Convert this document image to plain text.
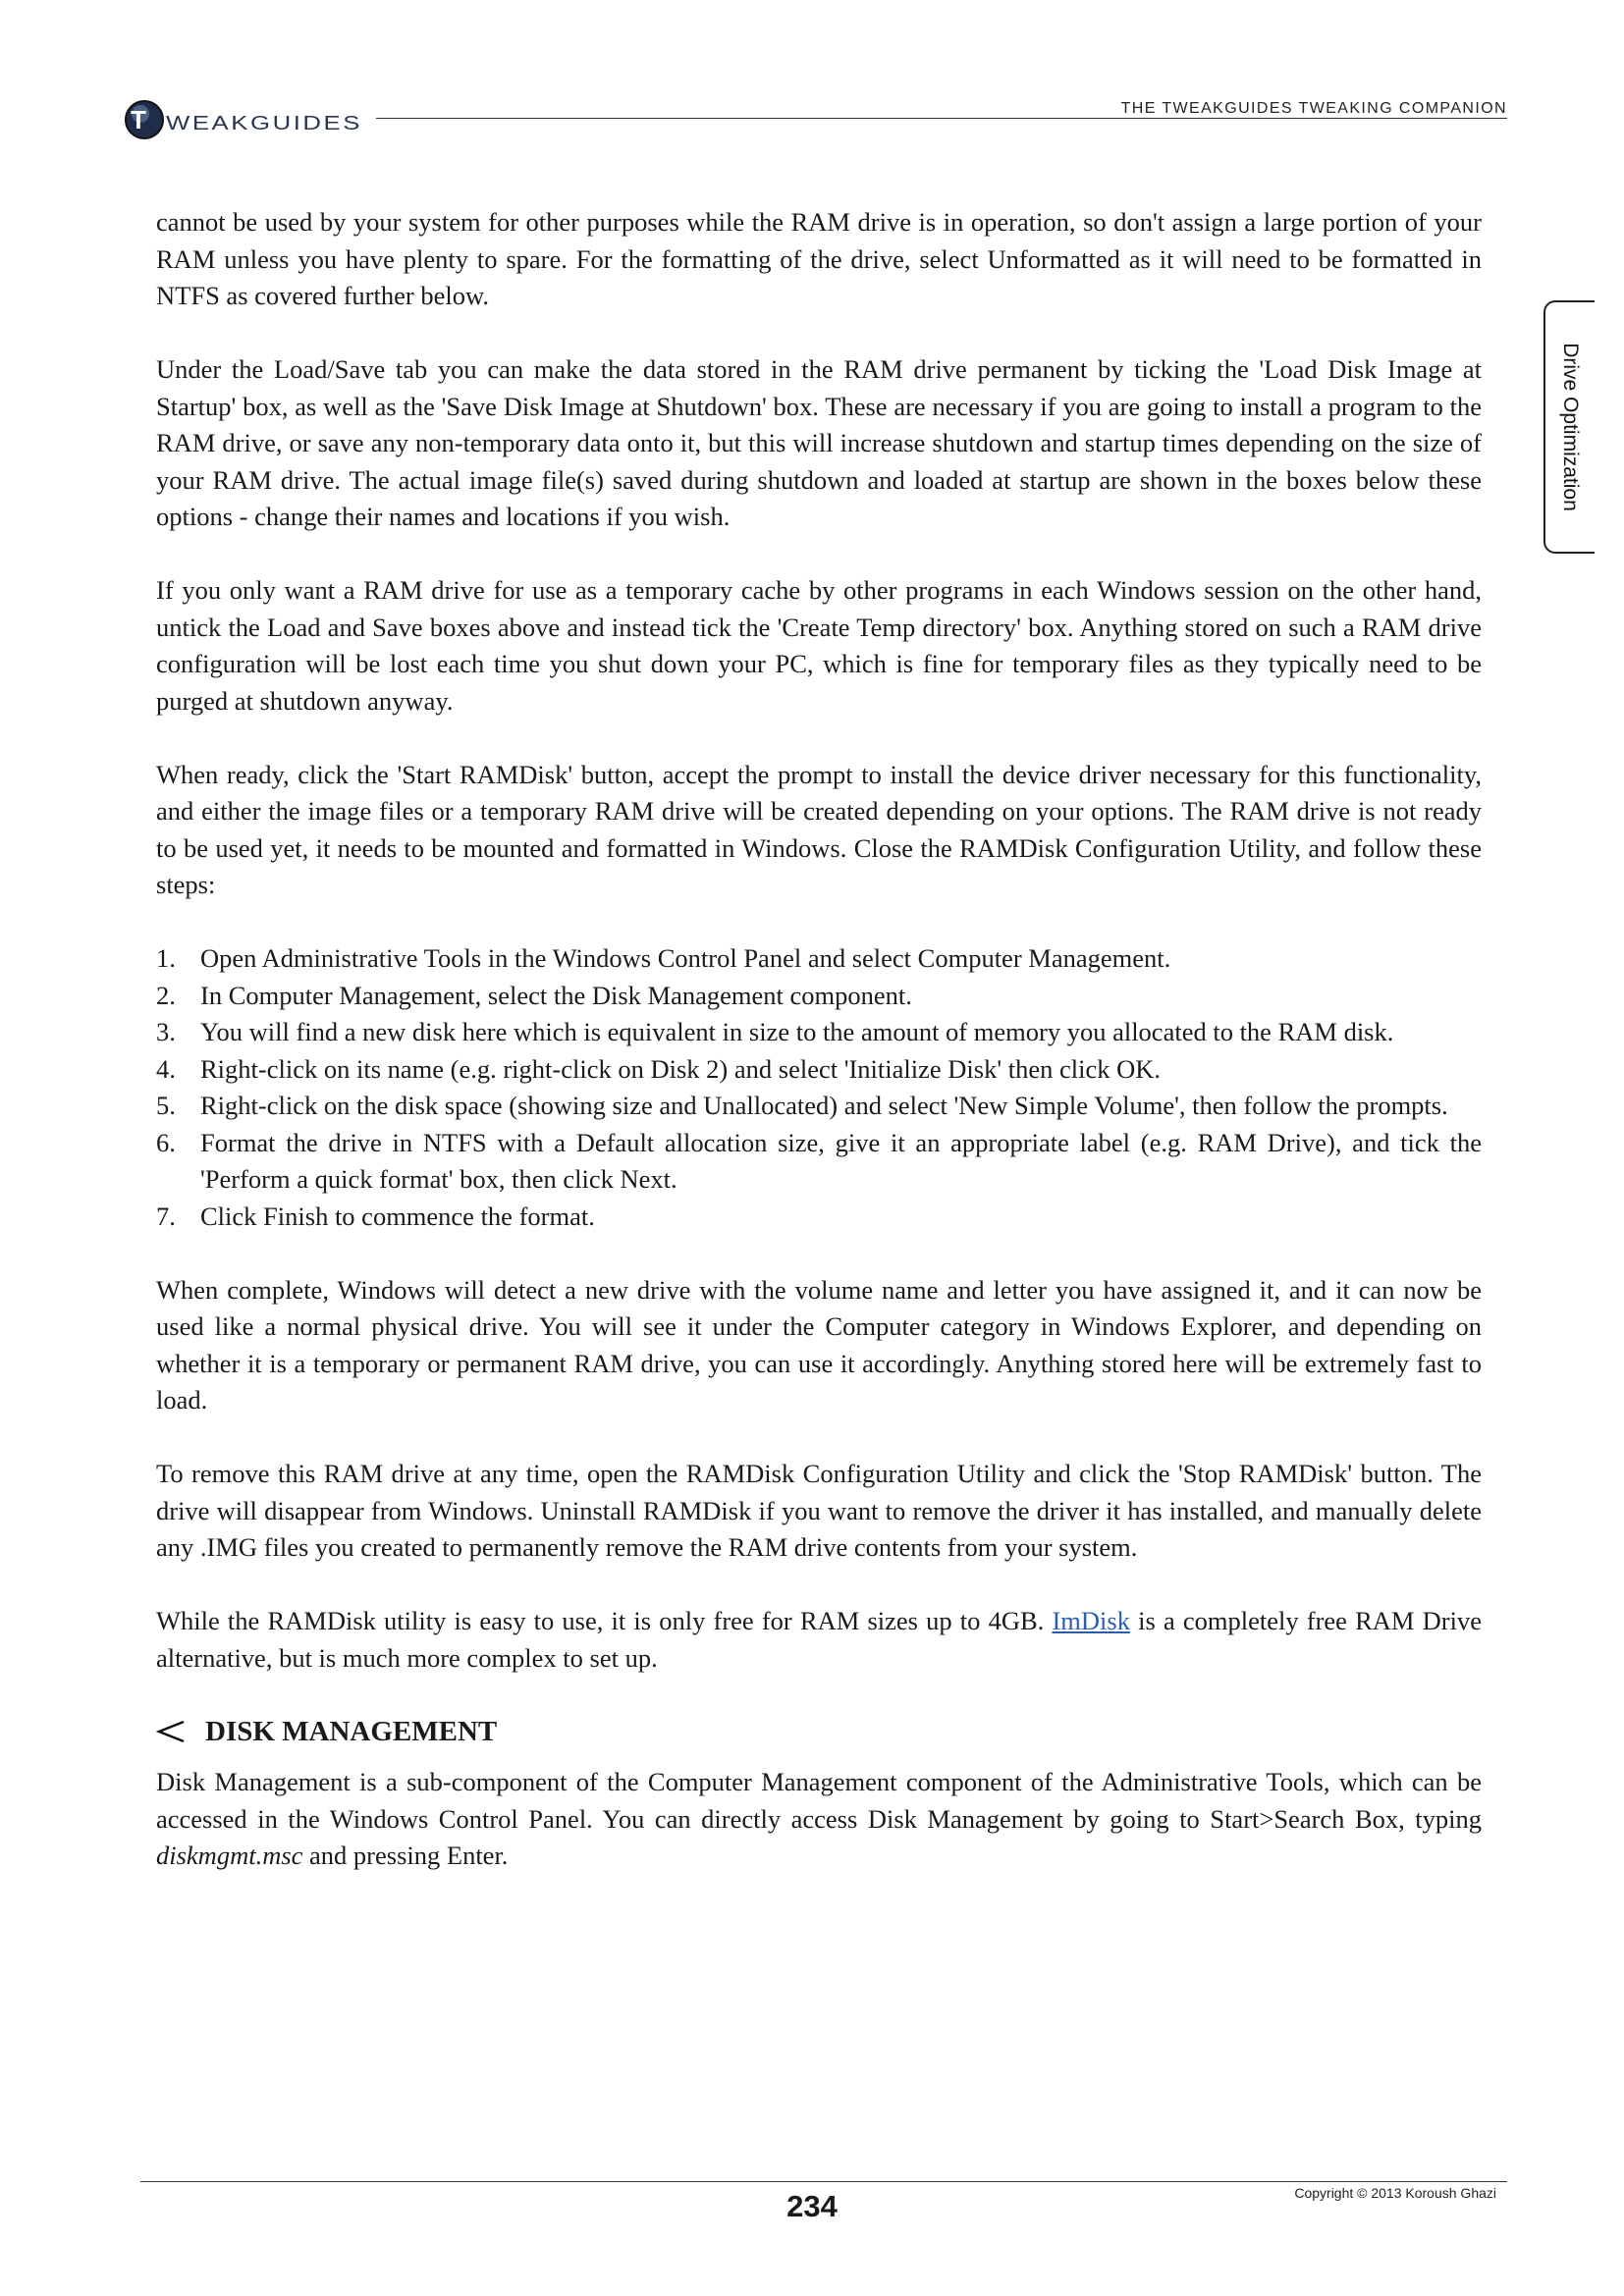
T WEAKGUIDES
THE TWEAKGUIDES TWEAKING COMPANION
Drive Optimization

cannot be used by your system for other purposes while the RAM drive is in operation, so don't assign a large portion of your RAM unless you have plenty to spare. For the formatting of the drive, select Unformatted as it will need to be formatted in NTFS as covered further below.

Under the Load/Save tab you can make the data stored in the RAM drive permanent by ticking the 'Load Disk Image at Startup' box, as well as the 'Save Disk Image at Shutdown' box. These are necessary if you are going to install a program to the RAM drive, or save any non-temporary data onto it, but this will increase shutdown and startup times depending on the size of your RAM drive. The actual image file(s) saved during shutdown and loaded at startup are shown in the boxes below these options - change their names and locations if you wish.

If you only want a RAM drive for use as a temporary cache by other programs in each Windows session on the other hand, untick the Load and Save boxes above and instead tick the 'Create Temp directory' box. Anything stored on such a RAM drive configuration will be lost each time you shut down your PC, which is fine for temporary files as they typically need to be purged at shutdown anyway.

When ready, click the 'Start RAMDisk' button, accept the prompt to install the device driver necessary for this functionality, and either the image files or a temporary RAM drive will be created depending on your options. The RAM drive is not ready to be used yet, it needs to be mounted and formatted in Windows. Close the RAMDisk Configuration Utility, and follow these steps:

1. Open Administrative Tools in the Windows Control Panel and select Computer Management.
2. In Computer Management, select the Disk Management component.
3. You will find a new disk here which is equivalent in size to the amount of memory you allocated to the RAM disk.
4. Right-click on its name (e.g. right-click on Disk 2) and select 'Initialize Disk' then click OK.
5. Right-click on the disk space (showing size and Unallocated) and select 'New Simple Volume', then follow the prompts.
6. Format the drive in NTFS with a Default allocation size, give it an appropriate label (e.g. RAM Drive), and tick the 'Perform a quick format' box, then click Next.
7. Click Finish to commence the format.

When complete, Windows will detect a new drive with the volume name and letter you have assigned it, and it can now be used like a normal physical drive. You will see it under the Computer category in Windows Explorer, and depending on whether it is a temporary or permanent RAM drive, you can use it accordingly. Anything stored here will be extremely fast to load.

To remove this RAM drive at any time, open the RAMDisk Configuration Utility and click the 'Stop RAMDisk' button. The drive will disappear from Windows. Uninstall RAMDisk if you want to remove the driver it has installed, and manually delete any .IMG files you created to permanently remove the RAM drive contents from your system.

While the RAMDisk utility is easy to use, it is only free for RAM sizes up to 4GB. ImDisk is a completely free RAM Drive alternative, but is much more complex to set up.

DISK MANAGEMENT

Disk Management is a sub-component of the Computer Management component of the Administrative Tools, which can be accessed in the Windows Control Panel. You can directly access Disk Management by going to Start>Search Box, typing diskmgmt.msc and pressing Enter.

234	Copyright © 2013 Koroush Ghazi
